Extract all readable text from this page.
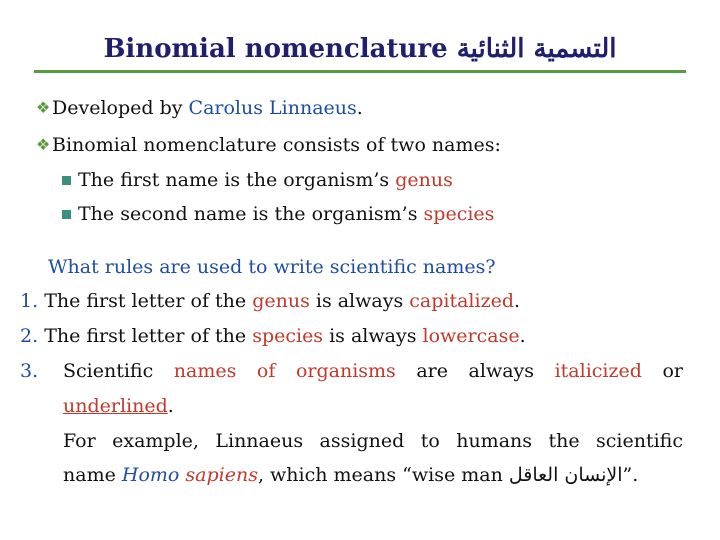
Binomial nomenclature التسمية الثنائية
❖ Developed by Carolus Linnaeus.
❖ Binomial nomenclature consists of two names:
The first name is the organism’s genus
The second name is the organism’s species
What rules are used to write scientific names?
1. The first letter of the genus is always capitalized.
2. The first letter of the species is always lowercase.
3. Scientific names of organisms are always italicized or
underlined.
For example, Linnaeus assigned to humans the scientific
name Homo sapiens, which means “wise man الإنسان العاقل”.
